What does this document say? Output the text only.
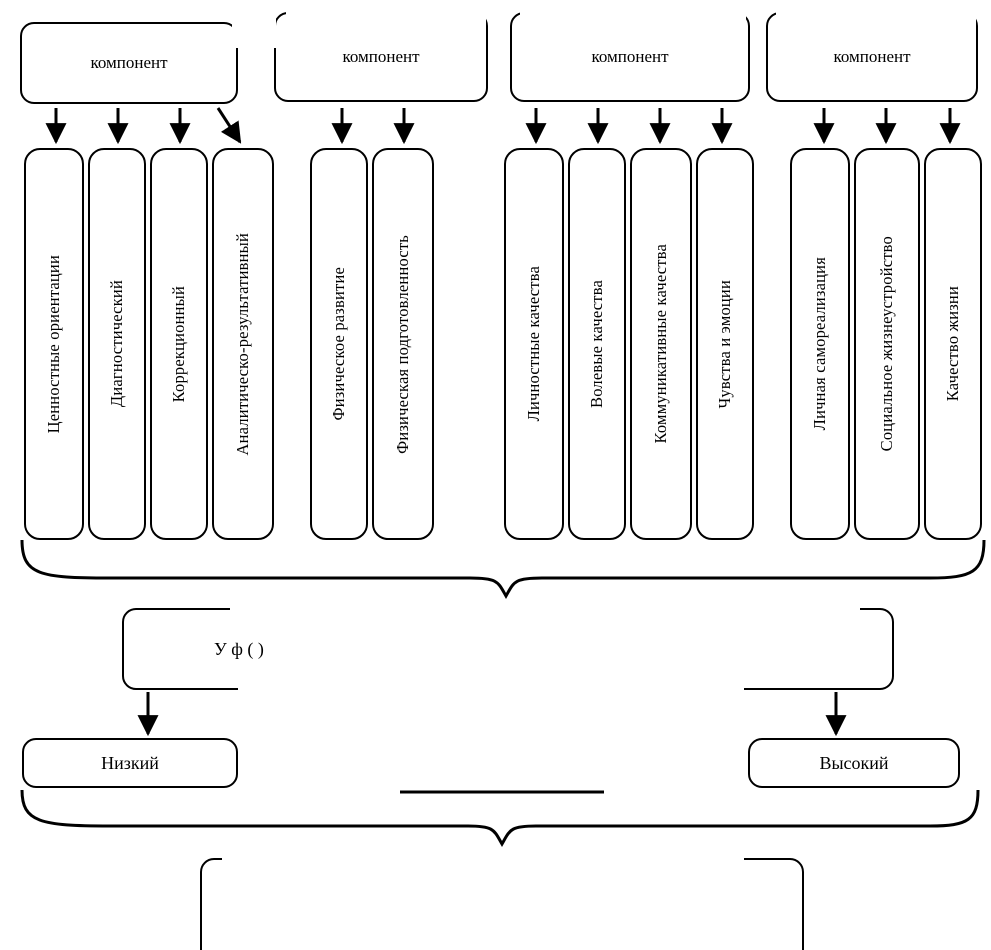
компонент	компонент	компонент	компонент
Ценностные ориентации	Диагностический	Коррекционный	Аналитическо-результативный	Физическое развитие	Физическая подготовленность	Личностные качества	Волевые качества	Коммуникативные качества	Чувства и эмоции	Личная самореализация	Социальное жизнеустройство	Качество жизни
У ф ( )
Низкий	Высокий
